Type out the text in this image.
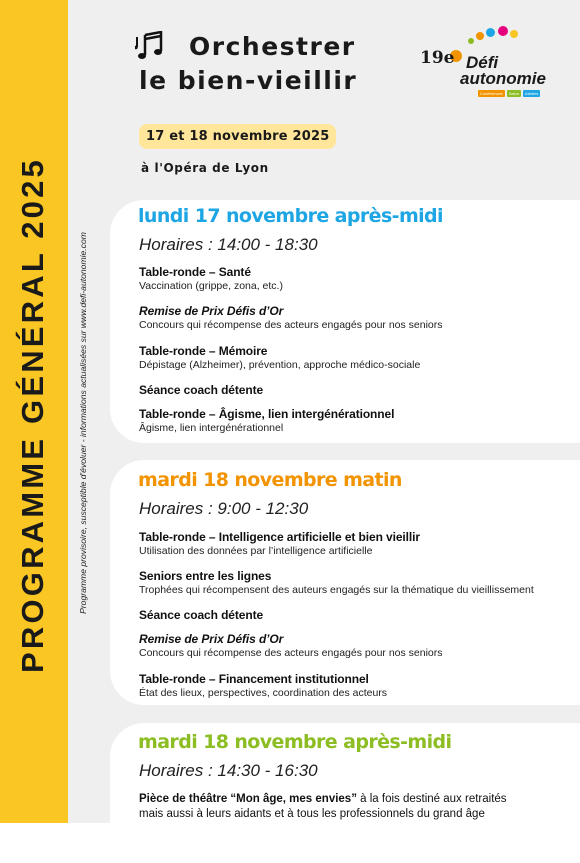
PROGRAMME GÉNÉRAL 2025	Programme provisoire, susceptible d'évoluer - informations actualisées sur www.defi-autonomie.com
Orchestrer
le bien-vieillir
17 et 18 novembre 2025
à l'Opéra de Lyon
19e Défi
autonomie
Conférences	Salon	Ateliers
lundi 17 novembre après-midi
Horaires : 14:00 - 18:30
Table-ronde – Santé
Vaccination (grippe, zona, etc.)
Remise de Prix Défis d’Or
Concours qui récompense des acteurs engagés pour nos seniors
Table-ronde – Mémoire
Dépistage (Alzheimer), prévention, approche médico-sociale
Séance coach détente
Table-ronde – Âgisme, lien intergénérationnel
Âgisme, lien intergénérationnel
mardi 18 novembre matin
Horaires : 9:00 - 12:30
Table-ronde – Intelligence artificielle et bien vieillir
Utilisation des données par l’intelligence artificielle
Seniors entre les lignes
Trophées qui récompensent des auteurs engagés sur la thématique du vieillissement
Séance coach détente
Remise de Prix Défis d’Or
Concours qui récompense des acteurs engagés pour nos seniors
Table-ronde – Financement institutionnel
État des lieux, perspectives, coordination des acteurs
mardi 18 novembre après-midi
Horaires : 14:30 - 16:30
Pièce de théâtre “Mon âge, mes envies” à la fois destiné aux retraités
mais aussi à leurs aidants et à tous les professionnels du grand âge
